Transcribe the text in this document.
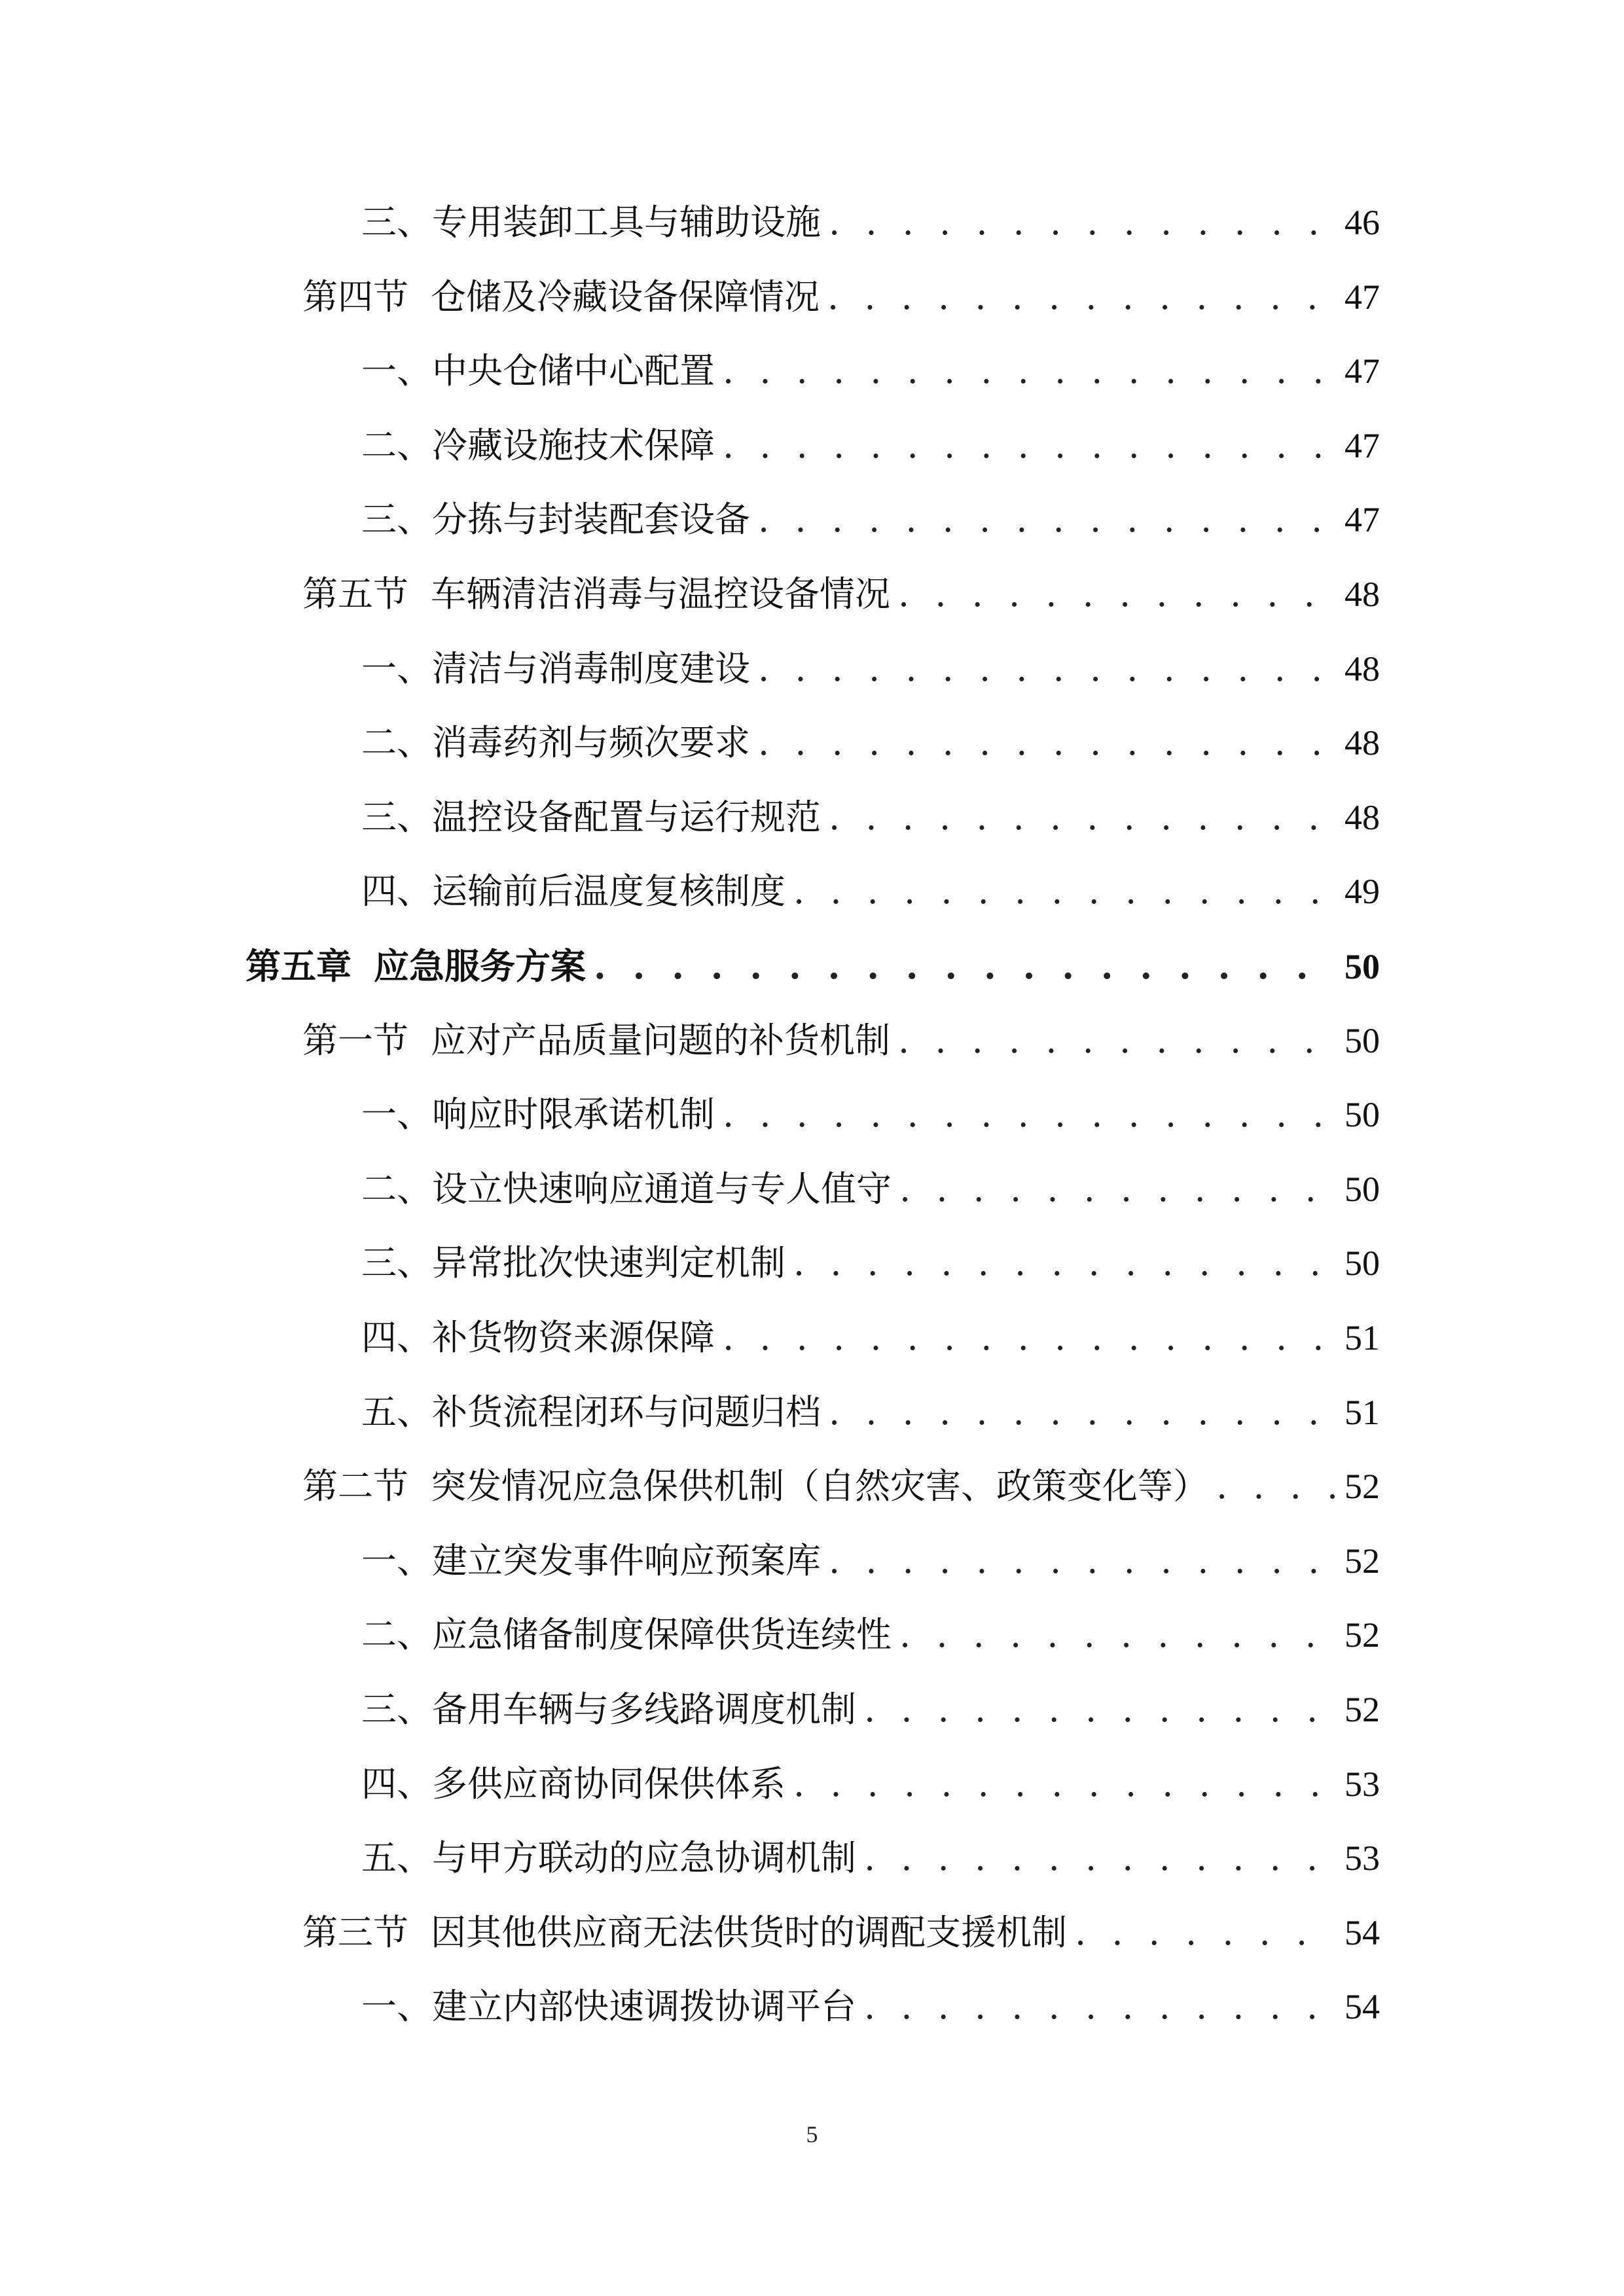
三、 专用装卸工具与辅助设施 . . .	46
第四节 仓储及冷藏设备保障情况 . . .	47
一、 中央仓储中心配置 . . .	47
二、 冷藏设施技术保障 . . .	47
三、 分拣与封装配套设备 . . .	47
第五节 车辆清洁消毒与温控设备情况 . . .	48
一、 清洁与消毒制度建设 . . .	48
二、 消毒药剂与频次要求 . . .	48
三、 温控设备配置与运行规范 . . .	48
四、 运输前后温度复核制度 . . .	49
第五章 应急服务方案 . . .	50
第一节 应对产品质量问题的补货机制 . . .	50
一、 响应时限承诺机制 . . .	50
二、 设立快速响应通道与专人值守 . . .	50
三、 异常批次快速判定机制 . . .	50
四、 补货物资来源保障 . . .	51
五、 补货流程闭环与问题归档 . . .	51
第二节 突发情况应急保供机制（自然灾害、政策变化等） . . .	52
一、 建立突发事件响应预案库 . . .	52
二、 应急储备制度保障供货连续性 . . .	52
三、 备用车辆与多线路调度机制 . . .	52
四、 多供应商协同保供体系 . . .	53
五、 与甲方联动的应急协调机制 . . .	53
第三节 因其他供应商无法供货时的调配支援机制 . . .	54
一、 建立内部快速调拨协调平台 . . .	54
5
